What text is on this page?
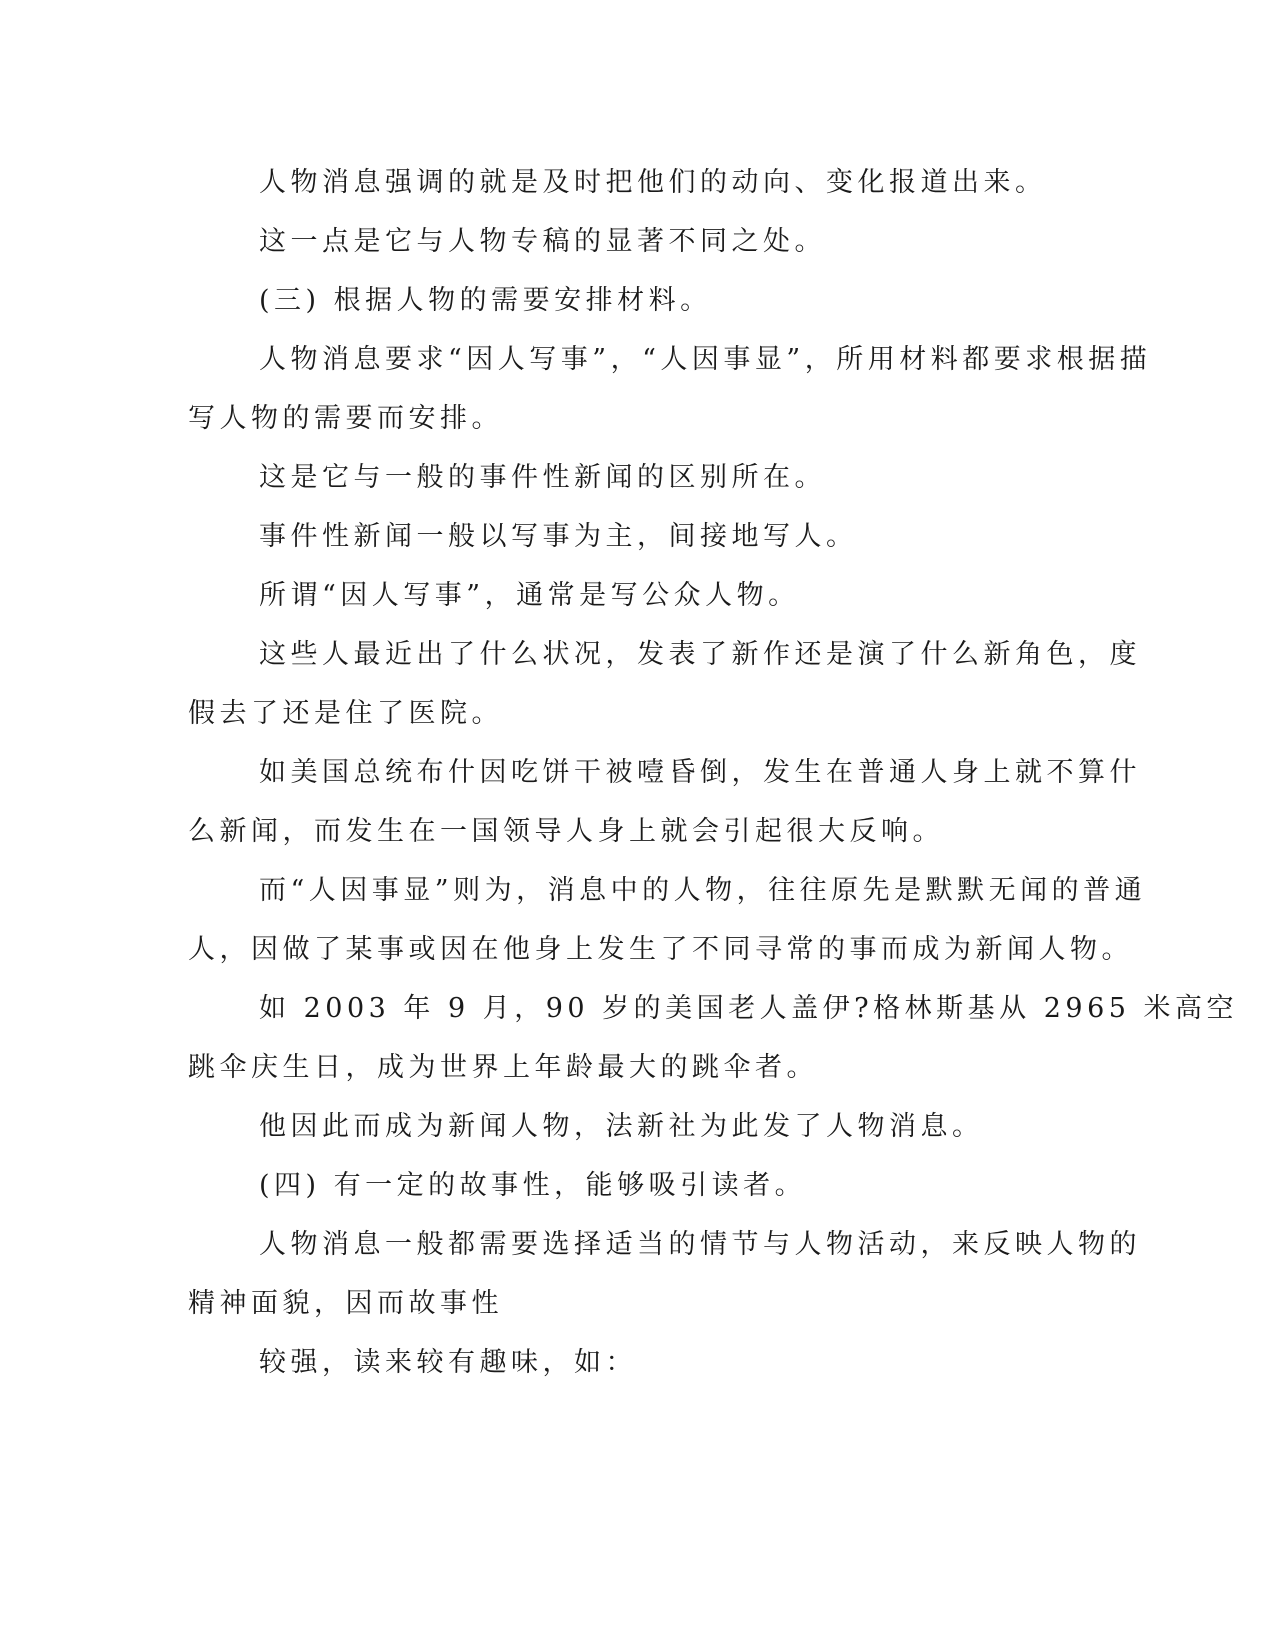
人物消息强调的就是及时把他们的动向、变化报道出来。
这一点是它与人物专稿的显著不同之处。
(三) 根据人物的需要安排材料。
人物消息要求“因人写事”，“人因事显”，所用材料都要求根据描
写人物的需要而安排。
这是它与一般的事件性新闻的区别所在。
事件性新闻一般以写事为主，间接地写人。
所谓“因人写事”，通常是写公众人物。
这些人最近出了什么状况，发表了新作还是演了什么新角色，度
假去了还是住了医院。
如美国总统布什因吃饼干被噎昏倒，发生在普通人身上就不算什
么新闻，而发生在一国领导人身上就会引起很大反响。
而“人因事显”则为，消息中的人物，往往原先是默默无闻的普通
人，因做了某事或因在他身上发生了不同寻常的事而成为新闻人物。
如 2003 年 9 月，90 岁的美国老人盖伊?格林斯基从 2965 米高空
跳伞庆生日，成为世界上年龄最大的跳伞者。
他因此而成为新闻人物，法新社为此发了人物消息。
(四) 有一定的故事性，能够吸引读者。
人物消息一般都需要选择适当的情节与人物活动，来反映人物的
精神面貌，因而故事性
较强，读来较有趣味，如：
